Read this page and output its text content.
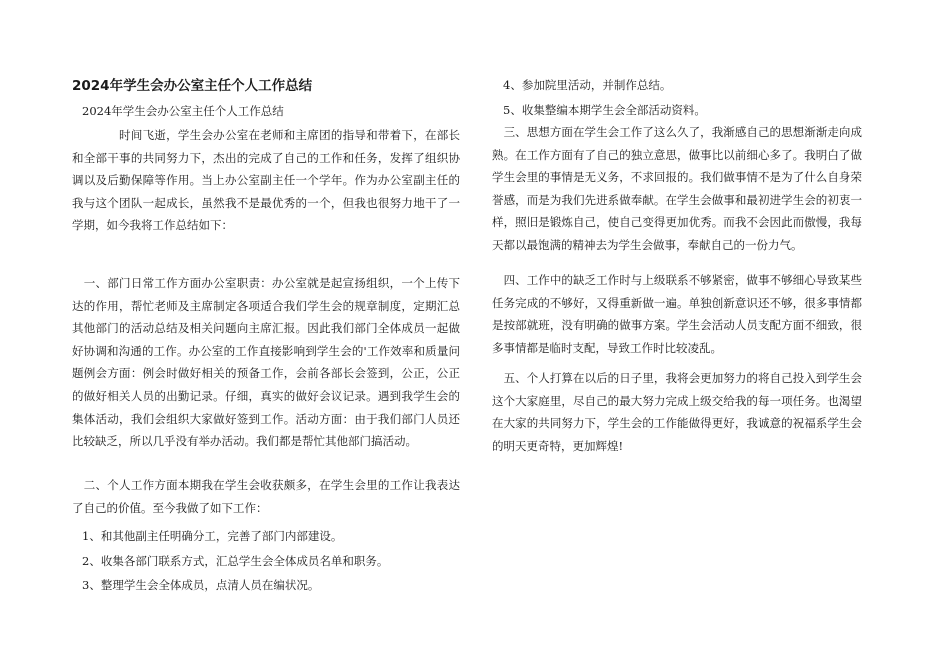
2024年学生会办公室主任个人工作总结
2024年学生会办公室主任个人工作总结

　　　　时间飞逝，学生会办公室在老师和主席团的指导和带着下，在部长和全部干事的共同努力下，杰出的完成了自己的工作和任务，发挥了组织协调以及后勤保障等作用。当上办公室副主任一个学年。作为办公室副主任的我与这个团队一起成长，虽然我不是最优秀的一个，但我也很努力地干了一学期，如今我将工作总结如下：

　一、部门日常工作方面办公室职责：办公室就是起宣扬组织，一个上传下达的作用，帮忙老师及主席制定各项适合我们学生会的规章制度，定期汇总其他部门的活动总结及相关问题向主席汇报。因此我们部门全体成员一起做好协调和沟通的工作。办公室的工作直接影响到学生会的'工作效率和质量问题例会方面：例会时做好相关的预备工作，会前各部长会签到，公正，公正的做好相关人员的出勤记录。仔细，真实的做好会议记录。遇到我学生会的集体活动，我们会组织大家做好签到工作。活动方面：由于我们部门人员还比较缺乏，所以几乎没有举办活动。我们都是帮忙其他部门搞活动。

　二、个人工作方面本期我在学生会收获颇多，在学生会里的工作让我表达了自己的价值。至今我做了如下工作：

1、和其他副主任明确分工，完善了部门内部建设。
2、收集各部门联系方式，汇总学生会全体成员名单和职务。
3、整理学生会全体成员，点清人员在编状况。
4、参加院里活动，并制作总结。
5、收集整编本期学生会全部活动资料。

　三、思想方面在学生会工作了这么久了，我渐感自己的思想渐渐走向成熟。在工作方面有了自己的独立意思，做事比以前细心多了。我明白了做学生会里的事情是无义务，不求回报的。我们做事情不是为了什么自身荣誉感，而是为我们先进系做奉献。在学生会做事和最初进学生会的初衷一样，照旧是锻炼自己，使自己变得更加优秀。而我不会因此而傲慢，我每天都以最饱满的精神去为学生会做事，奉献自己的一份力气。

　四、工作中的缺乏工作时与上级联系不够紧密，做事不够细心导致某些任务完成的不够好，又得重新做一遍。单独创新意识还不够，很多事情都是按部就班，没有明确的做事方案。学生会活动人员支配方面不细致，很多事情都是临时支配，导致工作时比较凌乱。

　五、个人打算在以后的日子里，我将会更加努力的将自己投入到学生会这个大家庭里，尽自己的最大努力完成上级交给我的每一项任务。也渴望在大家的共同努力下，学生会的工作能做得更好，我诚意的祝福系学生会的明天更奇特，更加辉煌!
